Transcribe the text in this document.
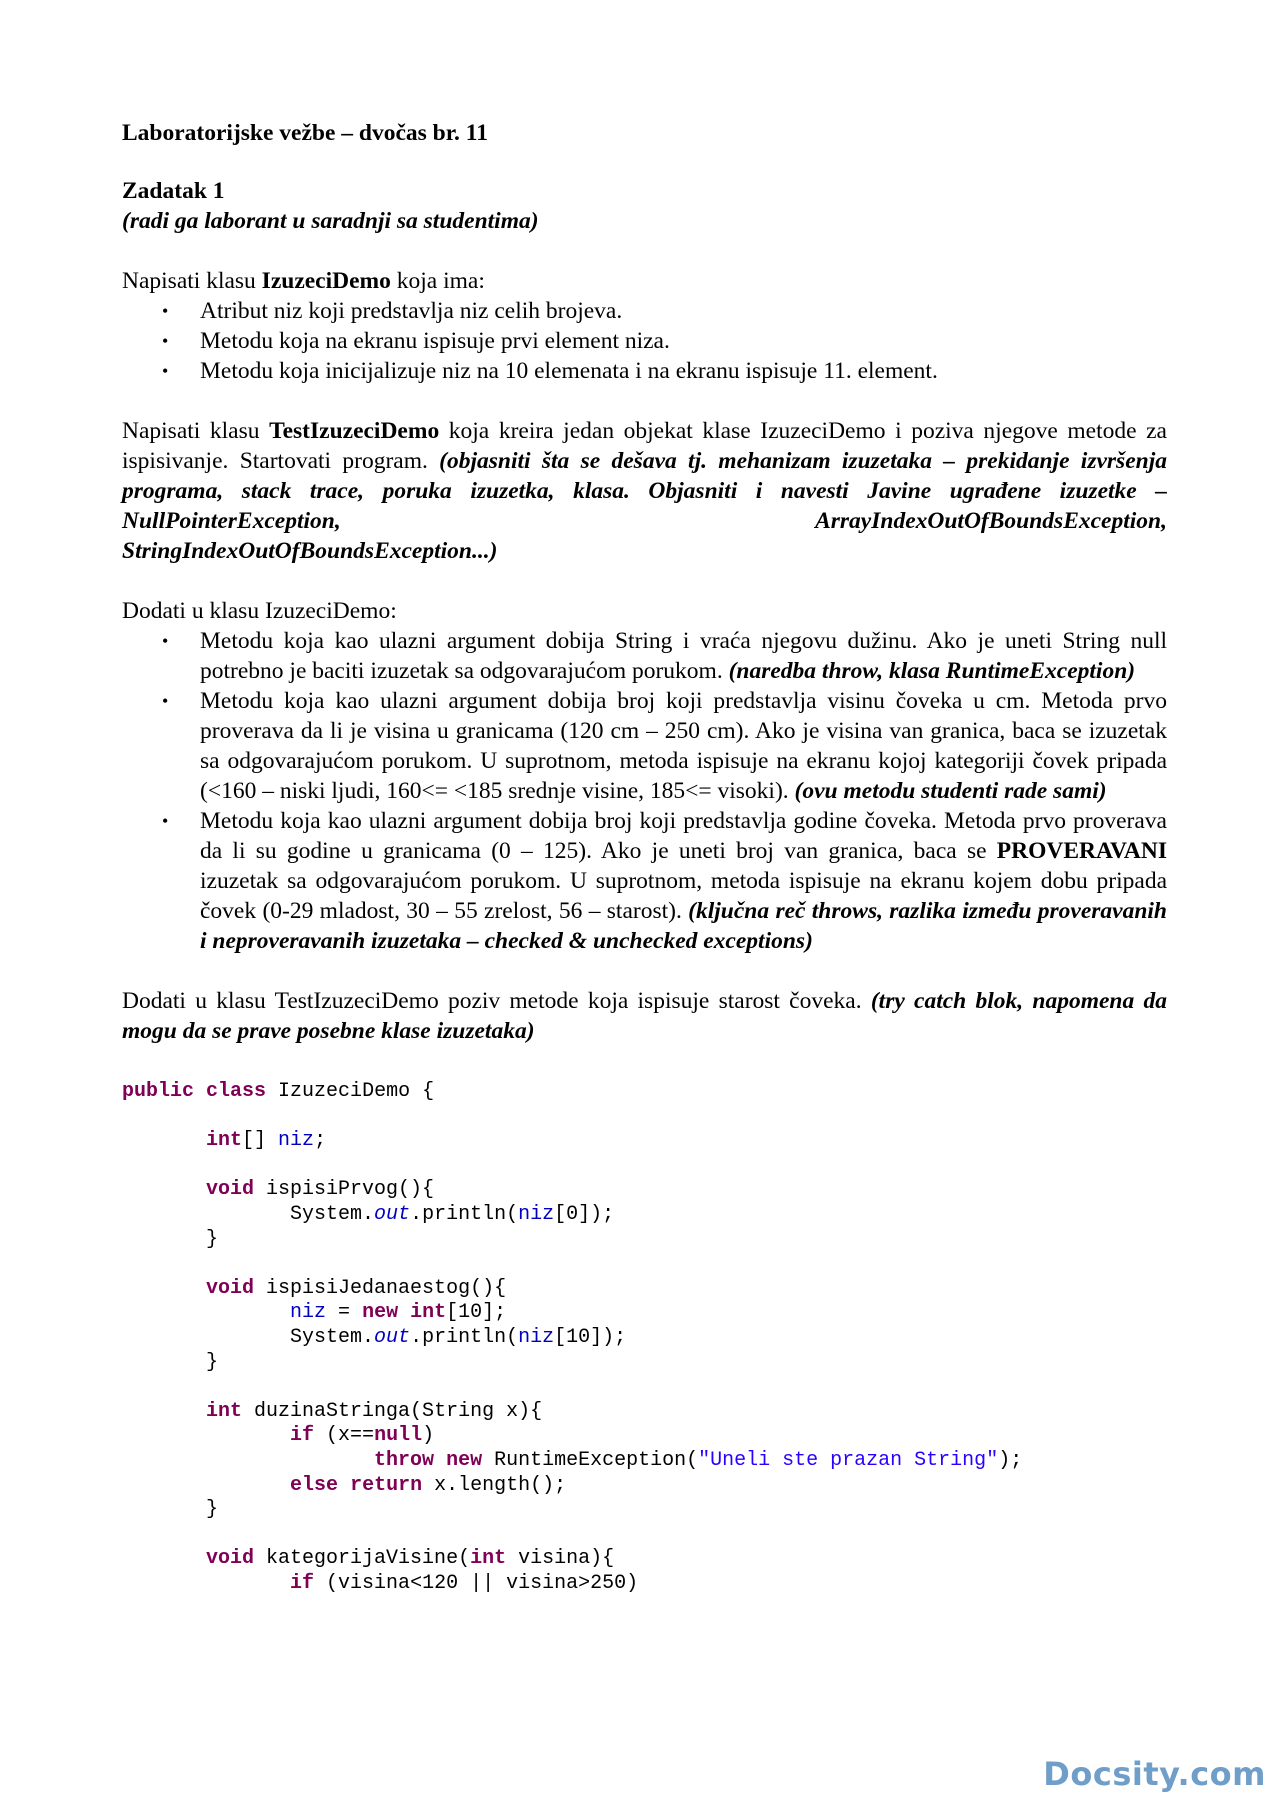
Laboratorijske vežbe – dvočas br. 11

Zadatak 1

(radi ga laborant u saradnji sa studentima)

Napisati klasu IzuzeciDemo koja ima:

• Atribut niz koji predstavlja niz celih brojeva.
• Metodu koja na ekranu ispisuje prvi element niza.
• Metodu koja inicijalizuje niz na 10 elemenata i na ekranu ispisuje 11. element.

Napisati klasu TestIzuzeciDemo koja kreira jedan objekat klase IzuzeciDemo i poziva njegove metode za ispisivanje. Startovati program. (objasniti šta se dešava tj. mehanizam izuzetaka – prekidanje izvršenja programa, stack trace, poruka izuzetka, klasa. Objasniti i navesti Javine ugrađene izuzetke – NullPointerException, ArrayIndexOutOfBoundsException,

StringIndexOutOfBoundsException...)

Dodati u klasu IzuzeciDemo:

• Metodu koja kao ulazni argument dobija String i vraća njegovu dužinu. Ako je uneti String null potrebno je baciti izuzetak sa odgovarajućom porukom. (naredba throw, klasa RuntimeException)
• Metodu koja kao ulazni argument dobija broj koji predstavlja visinu čoveka u cm. Metoda prvo proverava da li je visina u granicama (120 cm – 250 cm). Ako je visina van granica, baca se izuzetak sa odgovarajućom porukom. U suprotnom, metoda ispisuje na ekranu kojoj kategoriji čovek pripada (<160 – niski ljudi, 160<= <185 srednje visine, 185<= visoki). (ovu metodu studenti rade sami)
• Metodu koja kao ulazni argument dobija broj koji predstavlja godine čoveka. Metoda prvo proverava da li su godine u granicama (0 – 125). Ako je uneti broj van granica, baca se PROVERAVANI izuzetak sa odgovarajućom porukom. U suprotnom, metoda ispisuje na ekranu kojem dobu pripada čovek (0-29 mladost, 30 – 55 zrelost, 56 – starost). (ključna reč throws, razlika između proveravanih i neproveravanih izuzetaka – checked & unchecked exceptions)

Dodati u klasu TestIzuzeciDemo poziv metode koja ispisuje starost čoveka. (try catch blok, napomena da mogu da se prave posebne klase izuzetaka)

public class IzuzeciDemo {

int[] niz;

void ispisiPrvog(){
System.out.println(niz[0]);
}

void ispisiJedanaestog(){
niz = new int[10];
System.out.println(niz[10]);
}

int duzinaStringa(String x){
if (x==null)
throw new RuntimeException("Uneli ste prazan String");
else return x.length();
}

void kategorijaVisine(int visina){
if (visina<120 || visina>250)
Docsity.com
